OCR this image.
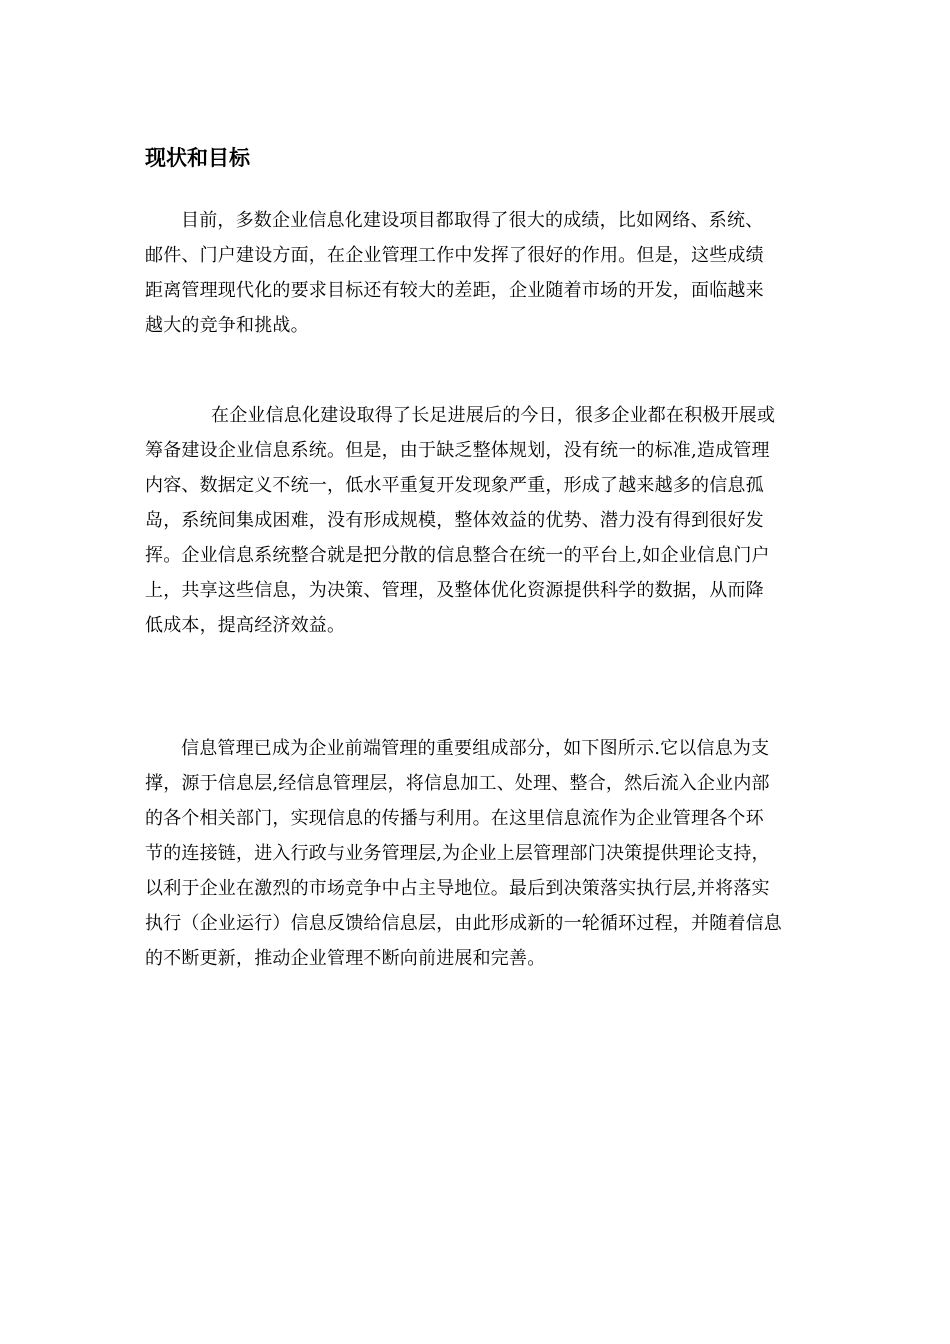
现状和目标
目前，多数企业信息化建设项目都取得了很大的成绩，比如网络、系统、
邮件、门户建设方面，在企业管理工作中发挥了很好的作用。但是，这些成绩
距离管理现代化的要求目标还有较大的差距，企业随着市场的开发，面临越来
越大的竞争和挑战。
在企业信息化建设取得了长足进展后的今日，很多企业都在积极开展或
筹备建设企业信息系统。但是，由于缺乏整体规划，没有统一的标准,造成管理
内容、数据定义不统一，低水平重复开发现象严重，形成了越来越多的信息孤
岛，系统间集成困难，没有形成规模，整体效益的优势、潜力没有得到很好发
挥。企业信息系统整合就是把分散的信息整合在统一的平台上,如企业信息门户
上，共享这些信息，为决策、管理，及整体优化资源提供科学的数据，从而降
低成本，提高经济效益。
信息管理已成为企业前端管理的重要组成部分，如下图所示.它以信息为支
撑，源于信息层,经信息管理层，将信息加工、处理、整合，然后流入企业内部
的各个相关部门，实现信息的传播与利用。在这里信息流作为企业管理各个环
节的连接链，进入行政与业务管理层,为企业上层管理部门决策提供理论支持，
以利于企业在激烈的市场竞争中占主导地位。最后到决策落实执行层,并将落实
执行（企业运行）信息反馈给信息层，由此形成新的一轮循环过程，并随着信息
的不断更新，推动企业管理不断向前进展和完善。
